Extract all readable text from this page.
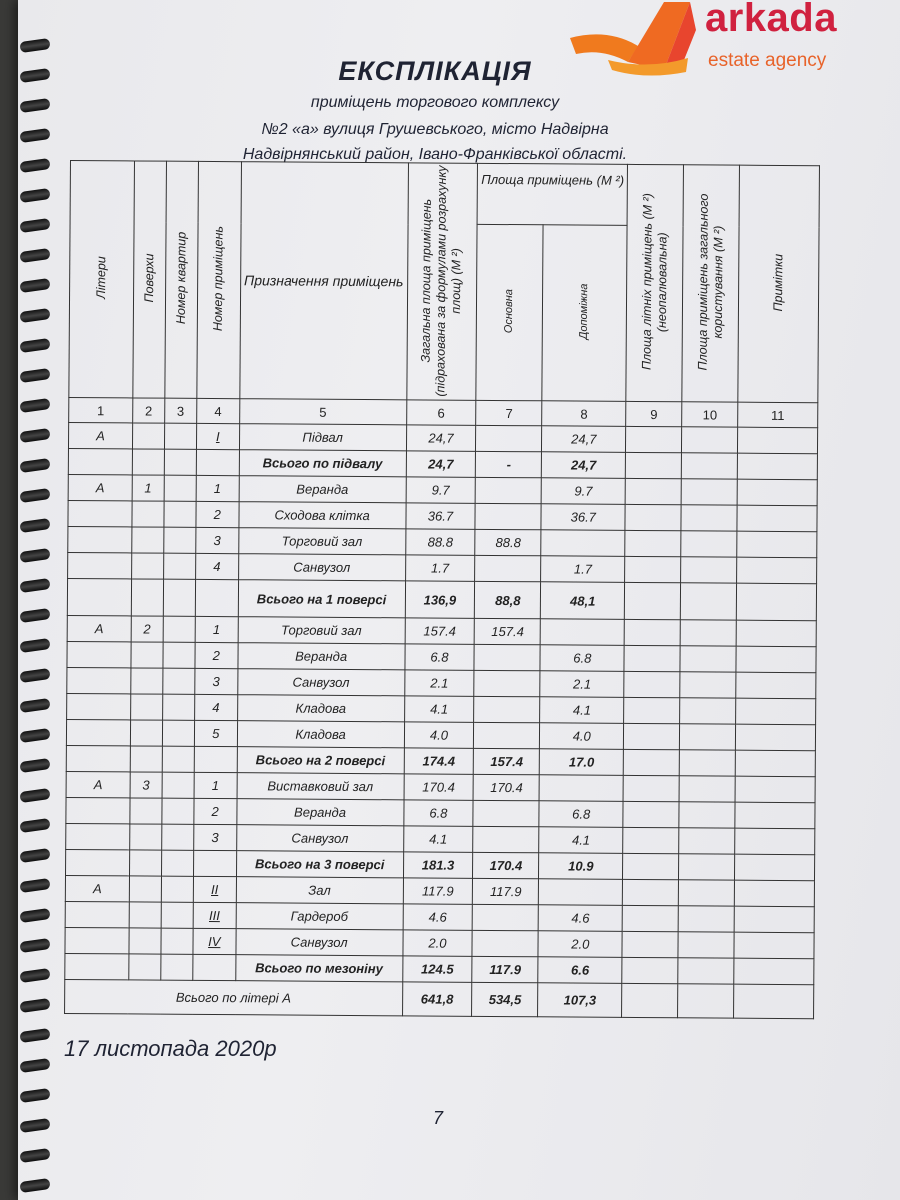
arkada
estate agency
ЕКСПЛІКАЦІЯ
приміщень торгового комплексу
№2 «а» вулиця Грушевського, місто Надвірна
Надвірнянський район, Івано-Франківської області.
Літери	Поверхи	Номер квартир	Номер приміщень	Призначення приміщень	Загальна площа приміщень (підрахована за формулами розрахунку площ) (М ²)	Площа приміщень (М ²)		Площа літніх приміщень (М ²) (неопалювальна)	Площа приміщень загального користування (М ²)	Примітки
						Основна	Допоміжна			
1	2	3	4	5	6	7	8	9	10	11
А			I	Підвал	24,7		24,7			
				Всього по підвалу	24,7	-	24,7			
А	1		1	Веранда	9.7		9.7			
			2	Сходова клітка	36.7		36.7			
			3	Торговий зал	88.8	88.8				
			4	Санвузол	1.7		1.7			
				Всього на 1 поверсі	136,9	88,8	48,1			
А	2		1	Торговий зал	157.4	157.4				
			2	Веранда	6.8		6.8			
			3	Санвузол	2.1		2.1			
			4	Кладова	4.1		4.1			
			5	Кладова	4.0		4.0			
				Всього на 2 поверсі	174.4	157.4	17.0			
А	3		1	Виставковий зал	170.4	170.4				
			2	Веранда	6.8		6.8			
			3	Санвузол	4.1		4.1			
				Всього на 3 поверсі	181.3	170.4	10.9			
А			II	Зал	117.9	117.9				
			III	Гардероб	4.6		4.6			
			IV	Санвузол	2.0		2.0			
				Всього по мезоніну	124.5	117.9	6.6			
Всього по літері А					641,8	534,5	107,3			
17 листопада 2020р
7
